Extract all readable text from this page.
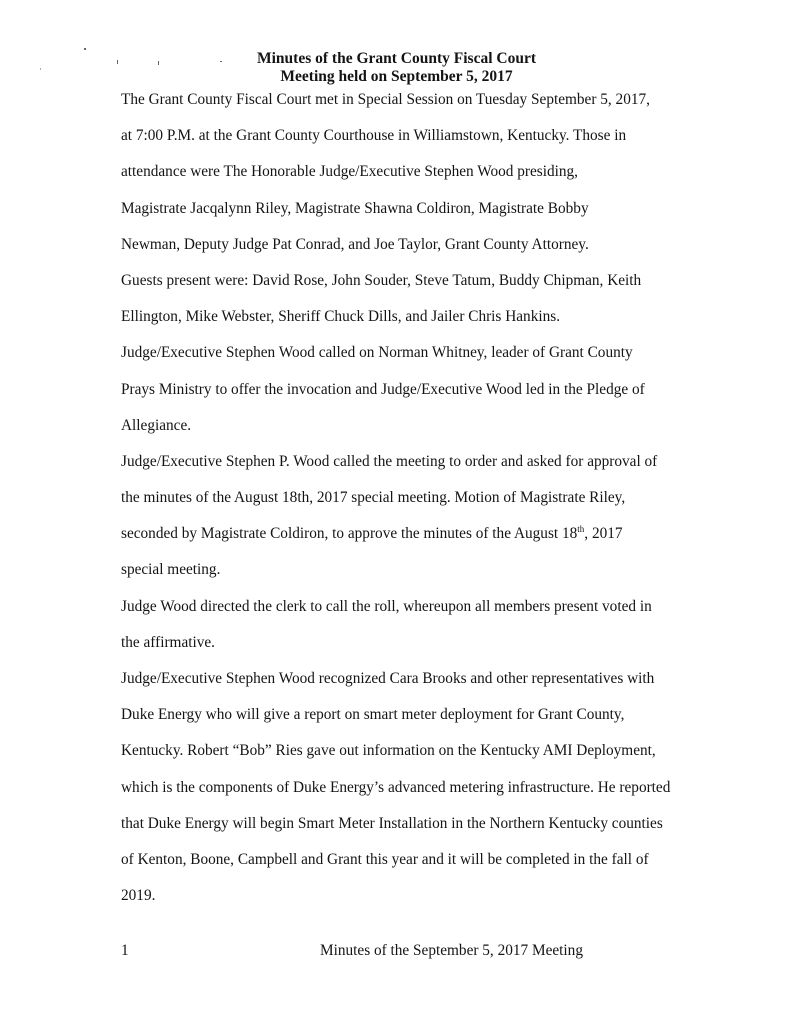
Minutes of the Grant County Fiscal Court
Meeting held on September 5, 2017
The Grant County Fiscal Court met in Special Session on Tuesday September 5, 2017,
at 7:00 P.M. at the Grant County Courthouse in Williamstown, Kentucky. Those in
attendance were The Honorable Judge/Executive Stephen Wood presiding,
Magistrate Jacqalynn Riley, Magistrate Shawna Coldiron, Magistrate Bobby
Newman, Deputy Judge Pat Conrad, and Joe Taylor, Grant County Attorney.
Guests present were: David Rose, John Souder, Steve Tatum, Buddy Chipman, Keith
Ellington, Mike Webster, Sheriff Chuck Dills, and Jailer Chris Hankins.
Judge/Executive Stephen Wood called on Norman Whitney, leader of Grant County
Prays Ministry to offer the invocation and Judge/Executive Wood led in the Pledge of
Allegiance.
Judge/Executive Stephen P. Wood called the meeting to order and asked for approval of
the minutes of the August 18th, 2017 special meeting. Motion of Magistrate Riley,
seconded by Magistrate Coldiron, to approve the minutes of the August 18th, 2017
special meeting.
Judge Wood directed the clerk to call the roll, whereupon all members present voted in
the affirmative.
Judge/Executive Stephen Wood recognized Cara Brooks and other representatives with
Duke Energy who will give a report on smart meter deployment for Grant County,
Kentucky. Robert “Bob” Ries gave out information on the Kentucky AMI Deployment,
which is the components of Duke Energy’s advanced metering infrastructure. He reported
that Duke Energy will begin Smart Meter Installation in the Northern Kentucky counties
of Kenton, Boone, Campbell and Grant this year and it will be completed in the fall of
2019.
1	Minutes of the September 5, 2017 Meeting
